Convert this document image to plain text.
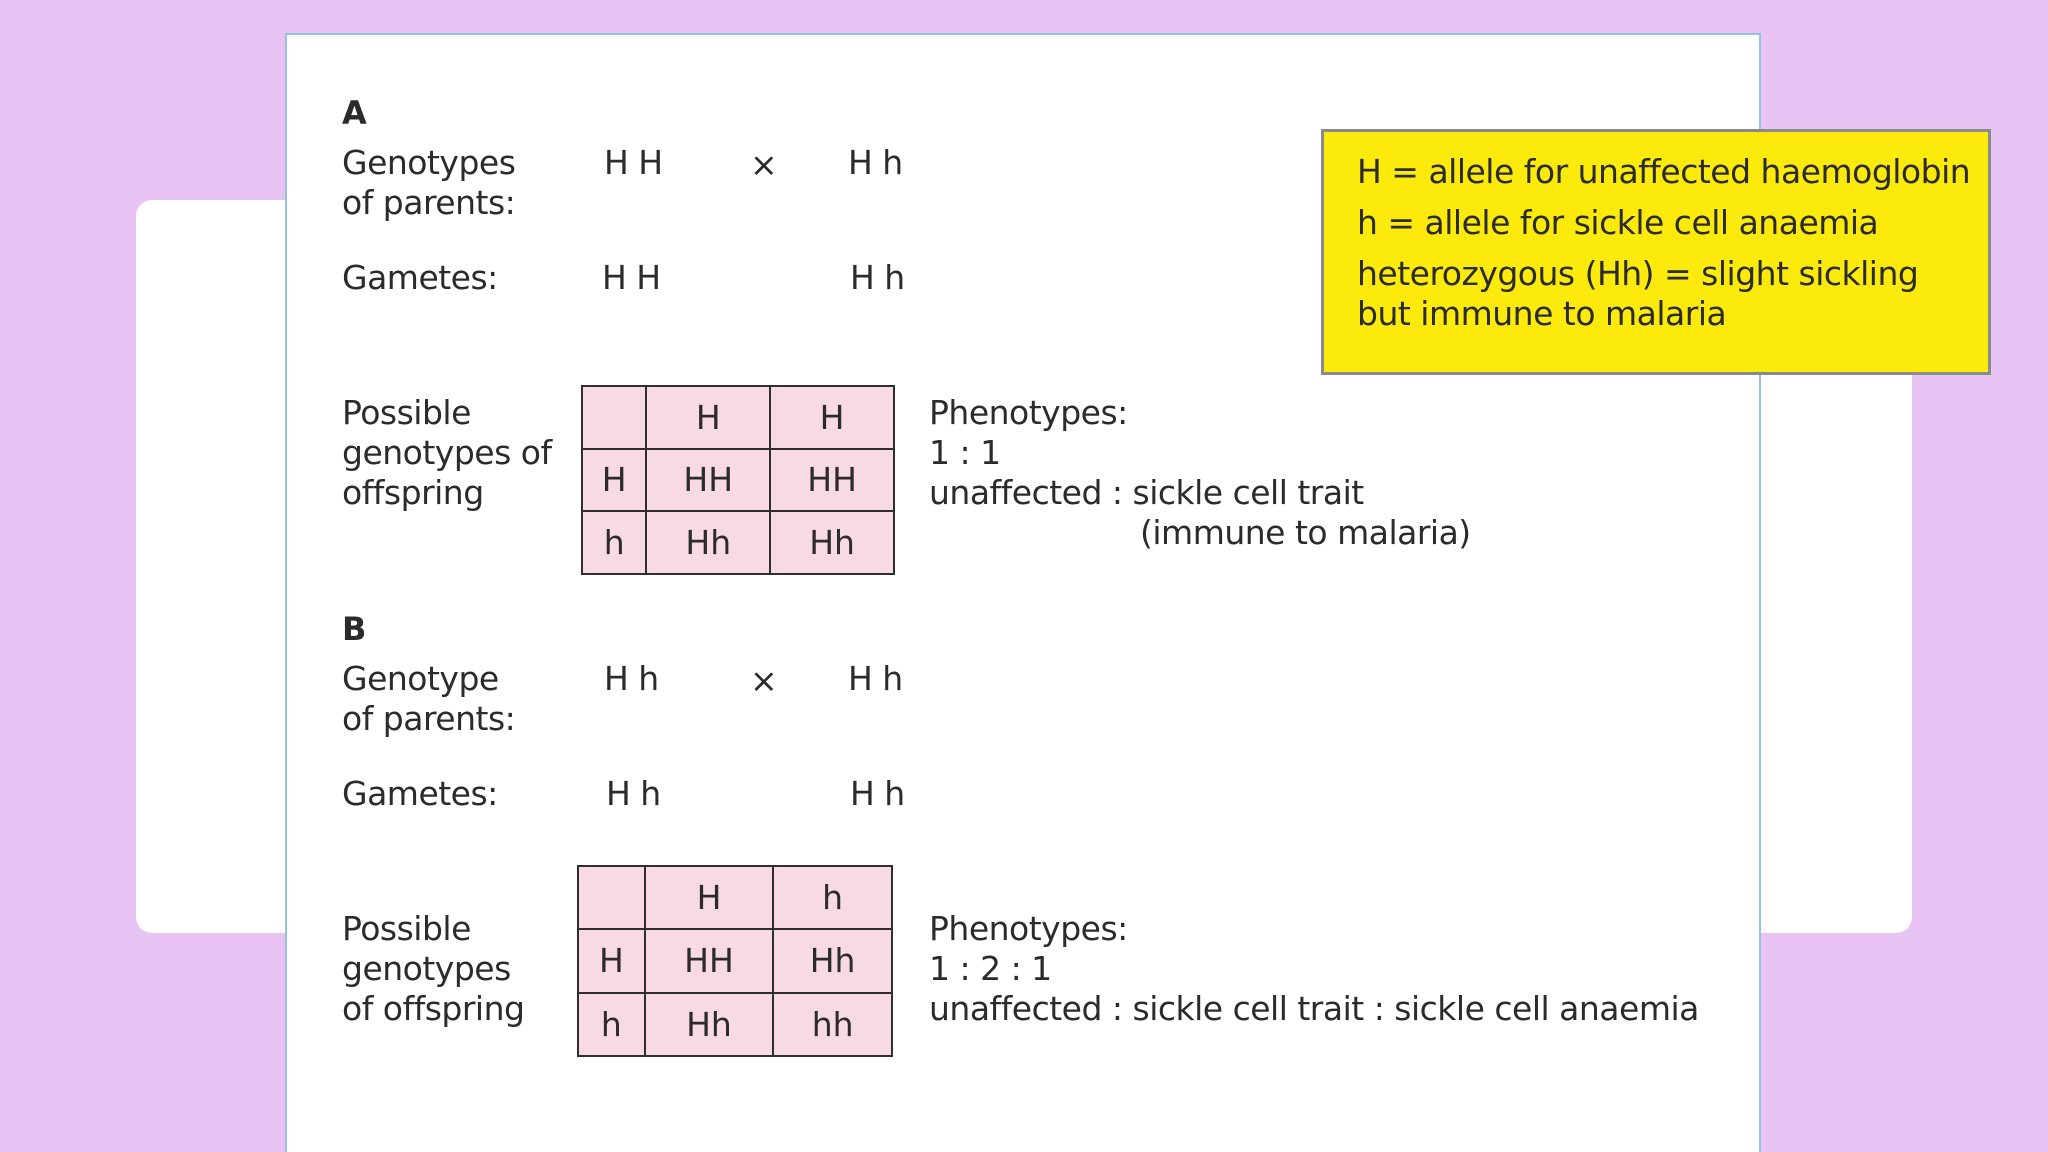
A
Genotypes
of parents:
H H	× H h
Gametes:	H H	H h
H = allele for unaffected haemoglobin
h = allele for sickle cell anaemia
heterozygous (Hh) = slight sickling
but immune to malaria
Possible
genotypes of
offspring
	H	H
H	HH	HH
h	Hh	Hh
Phenotypes:
1 : 1
unaffected : sickle cell trait
(immune to malaria)
B
Genotype
of parents:
H h	× H h
Gametes:	H h	H h
Possible
genotypes
of offspring
	H	h
H	HH	Hh
h	Hh	hh
Phenotypes:
1 : 2 : 1
unaffected : sickle cell trait : sickle cell anaemia
